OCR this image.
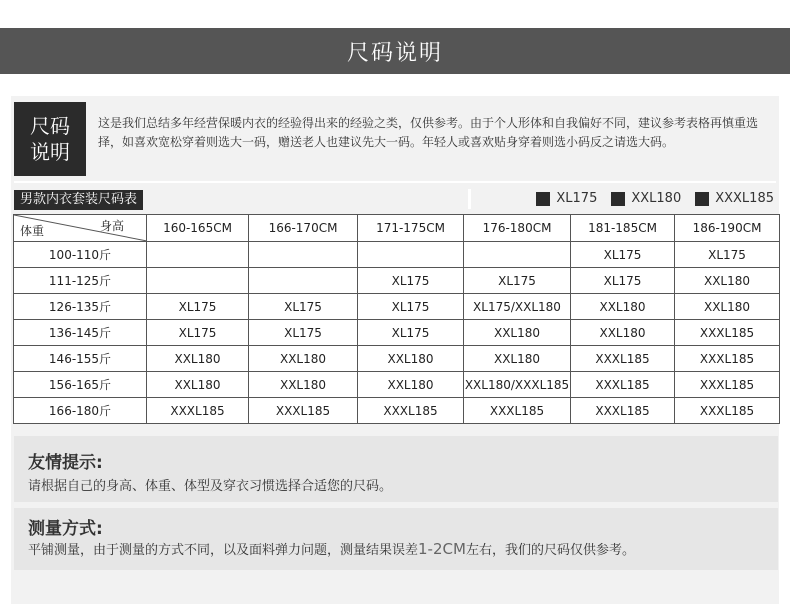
尺码说明
尺码
说明
这是我们总结多年经营保暖内衣的经验得出来的经验之类，仅供参考。由于个人形体和自我偏好不同，建议参考表格再慎重选择，如喜欢宽松穿着则选大一码，赠送老人也建议先大一码。年轻人或喜欢贴身穿着则选小码反之请选大码。
男款内衣套装尺码表	XL175	XXL180	XXXL185
身高
体重	160-165CM	166-170CM	171-175CM	176-180CM	181-185CM	186-190CM
100-110斤					XL175	XL175
111-125斤			XL175	XL175	XL175	XXL180
126-135斤	XL175	XL175	XL175	XL175/XXL180	XXL180	XXL180
136-145斤	XL175	XL175	XL175	XXL180	XXL180	XXXL185
146-155斤	XXL180	XXL180	XXL180	XXL180	XXXL185	XXXL185
156-165斤	XXL180	XXL180	XXL180	XXL180/XXXL185	XXXL185	XXXL185
166-180斤	XXXL185	XXXL185	XXXL185	XXXL185	XXXL185	XXXL185
友情提示:

请根据自己的身高、体重、体型及穿衣习惯选择合适您的尺码。

测量方式:

平铺测量，由于测量的方式不同，以及面料弹力问题，测量结果误差1-2CM左右，我们的尺码仅供参考。
